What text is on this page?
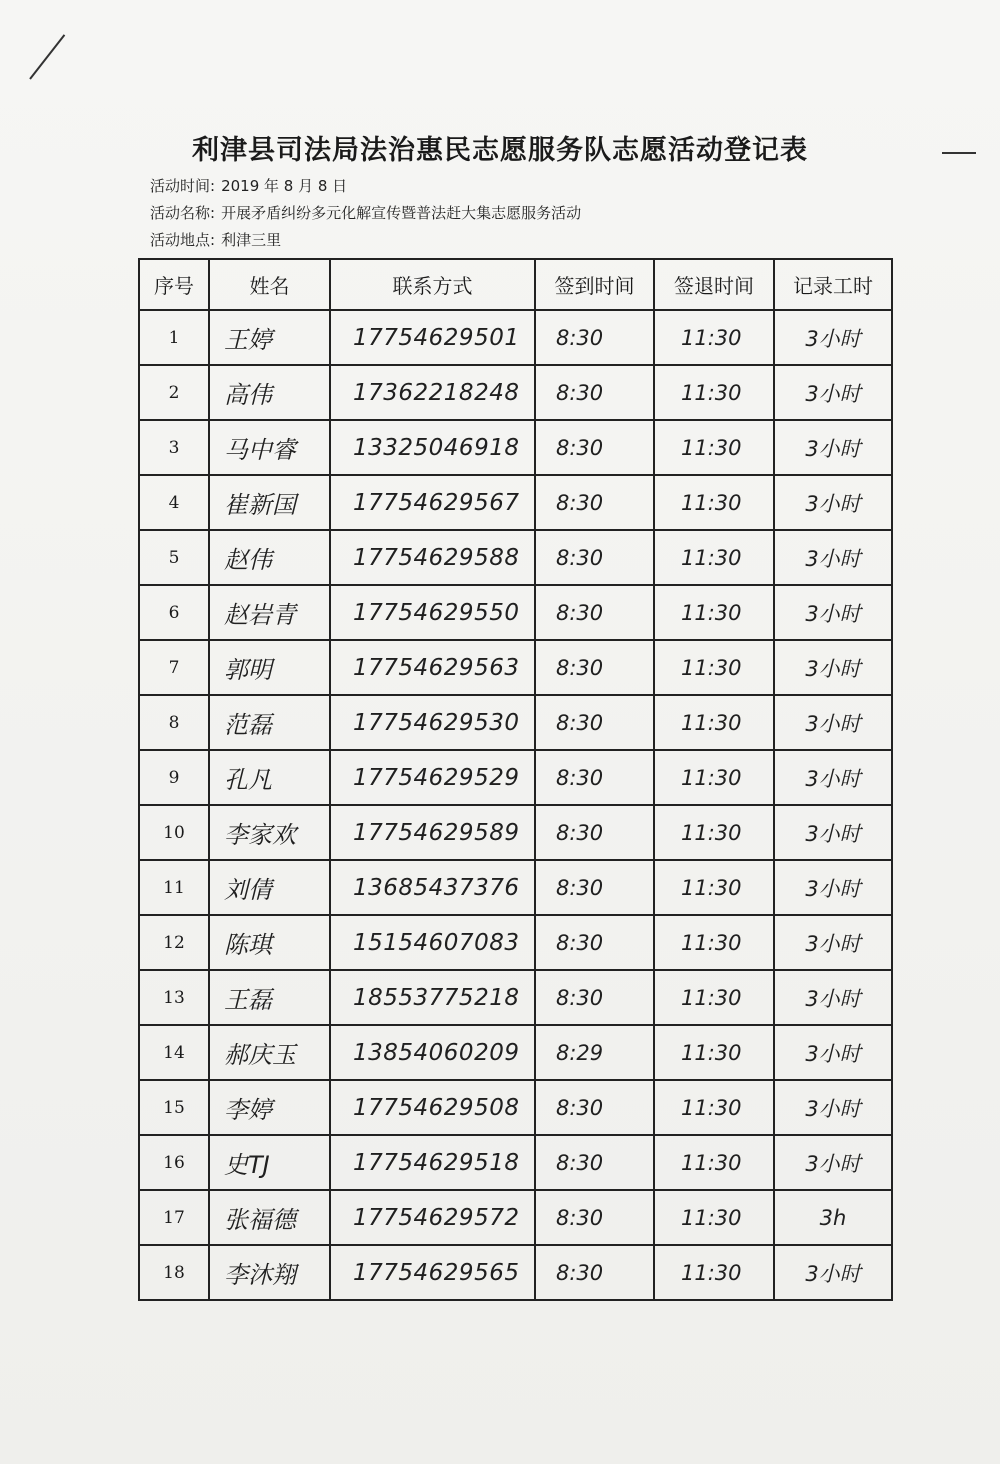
利津县司法局法治惠民志愿服务队志愿活动登记表
活动时间: 2019 年 8 月 8 日
活动名称: 开展矛盾纠纷多元化解宣传暨普法赶大集志愿服务活动
活动地点: 利津三里
序号	姓名	联系方式	签到时间	签退时间	记录工时
1	王婷	17754629501	8:30	11:30	3小时

2	高伟	17362218248	8:30	11:30	3小时

3	马中睿	13325046918	8:30	11:30	3小时

4	崔新国	17754629567	8:30	11:30	3小时

5	赵伟	17754629588	8:30	11:30	3小时

6	赵岩青	17754629550	8:30	11:30	3小时

7	郭明	17754629563	8:30	11:30	3小时

8	范磊	17754629530	8:30	11:30	3小时

9	孔凡	17754629529	8:30	11:30	3小时

10	李家欢	17754629589	8:30	11:30	3小时

11	刘倩	13685437376	8:30	11:30	3小时

12	陈琪	15154607083	8:30	11:30	3小时

13	王磊	18553775218	8:30	11:30	3小时

14	郝庆玉	13854060209	8:29	11:30	3小时

15	李婷	17754629508	8:30	11:30	3小时

16	史TJ	17754629518	8:30	11:30	3小时

17	张福德	17754629572	8:30	11:30	3h

18	李沐翔	17754629565	8:30	11:30	3小时
